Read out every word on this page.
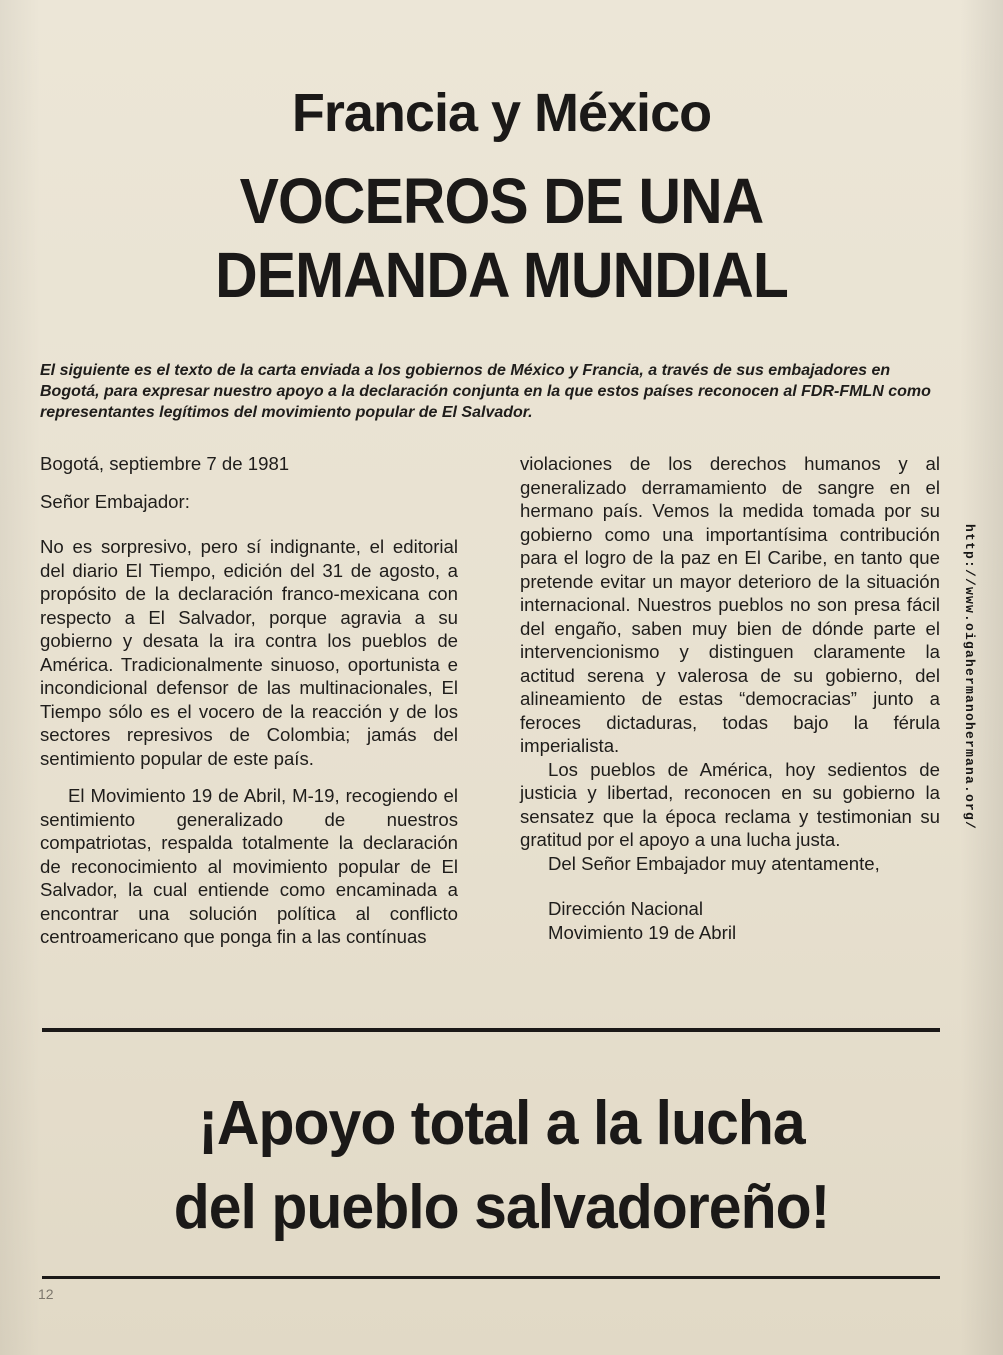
Francia y México
VOCEROS DE UNA
DEMANDA MUNDIAL
El siguiente es el texto de la carta enviada a los gobiernos de México y Francia, a través de sus embajadores en Bogotá, para expresar nuestro apoyo a la declaración conjunta en la que estos países reconocen al FDR-FMLN como representantes legítimos del movimiento popular de El Salvador.

Bogotá, septiembre 7 de 1981

Señor Embajador:

No es sorpresivo, pero sí indignante, el editorial del diario El Tiempo, edición del 31 de agosto, a propósito de la declaración franco-mexicana con respecto a El Salvador, porque agravia a su gobierno y desata la ira contra los pueblos de América. Tradicionalmente sinuoso, oportunista e incondicional defensor de las multinacionales, El Tiempo sólo es el vocero de la reacción y de los sectores represivos de Colombia; jamás del sentimiento popular de este país.

El Movimiento 19 de Abril, M-19, recogiendo el sentimiento generalizado de nuestros compatriotas, respalda totalmente la declaración de reconocimiento al movimiento popular de El Salvador, la cual entiende como encaminada a encontrar una solución política al conflicto centroamericano que ponga fin a las contínuas

violaciones de los derechos humanos y al generalizado derramamiento de sangre en el hermano país. Vemos la medida tomada por su gobierno como una importantísima contribución para el logro de la paz en El Caribe, en tanto que pretende evitar un mayor deterioro de la situación internacional. Nuestros pueblos no son presa fácil del engaño, saben muy bien de dónde parte el intervencionismo y distinguen claramente la actitud serena y valerosa de su gobierno, del alineamiento de estas “democracias” junto a feroces dictaduras, todas bajo la férula imperialista.

Los pueblos de América, hoy sedientos de justicia y libertad, reconocen en su gobierno la sensatez que la época reclama y testimonian su gratitud por el apoyo a una lucha justa.

Del Señor Embajador muy atentamente,

Dirección Nacional

Movimiento 19 de Abril

¡Apoyo total a la lucha
del pueblo salvadoreño!
12
http://www.oigahermanohermana.org/
